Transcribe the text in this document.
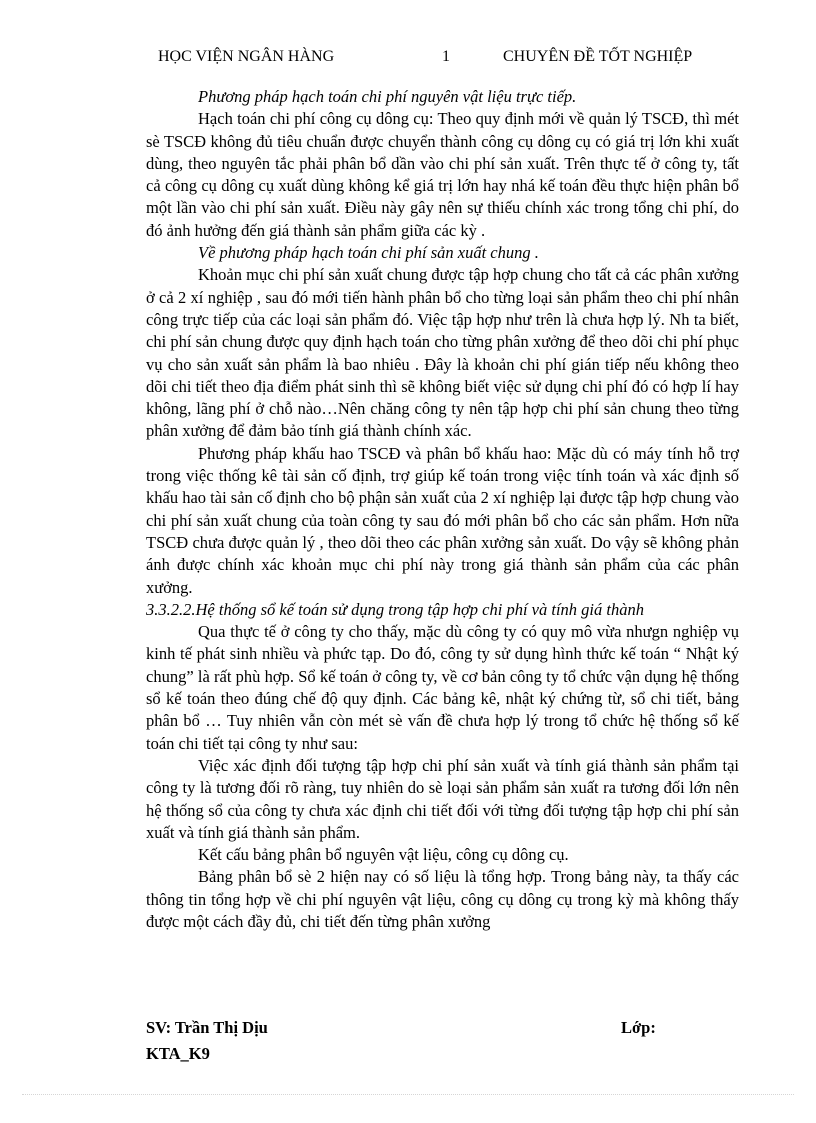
HỌC VIỆN NGÂN HÀNG	1	CHUYÊN ĐỀ TỐT NGHIỆP

Phương pháp hạch toán chi phí nguyên vật liệu trực tiếp.

Hạch toán chi phí công cụ dông cụ: Theo quy định mới về quản lý TSCĐ, thì mét sè TSCĐ không đủ tiêu chuẩn được chuyển thành công cụ dông cụ có giá trị lớn khi xuất dùng, theo nguyên tắc phải phân bổ dần vào chi phí sản xuất. Trên thực tế ở công ty, tất cả công cụ dông cụ xuất dùng không kể giá trị lớn hay nhá kế toán đều thực hiện phân bổ một lần vào chi phí sản xuất. Điều này gây nên sự thiếu chính xác trong tổng chi phí, do đó ảnh hưởng đến giá thành sản phẩm giữa các kỳ .

Về phương pháp hạch toán chi phí sản xuất chung .

Khoản mục chi phí sản xuất chung được tập hợp chung cho tất cả các phân xưởng ở cả 2 xí nghiệp , sau đó mới tiến hành phân bổ cho từng loại sản phẩm theo chi phí nhân công trực tiếp của các loại sản phẩm đó. Việc tập hợp như trên là chưa hợp lý. Nh ta biết, chi phí sản chung được quy định hạch toán cho từng phân xưởng để theo dõi chi phí phục vụ cho sản xuất sản phẩm là bao nhiêu . Đây là khoản chi phí gián tiếp nếu không theo dõi chi tiết theo địa điểm phát sinh thì sẽ không biết việc sử dụng chi phí đó có hợp lí hay không, lãng phí ở chỗ nào…Nên chăng công ty nên tập hợp chi phí sản chung theo từng phân xưởng để đảm bảo tính giá thành chính xác.

Phương pháp khấu hao TSCĐ và phân bổ khấu hao: Mặc dù có máy tính hỗ trợ trong việc thống kê tài sản cố định, trợ giúp kế toán trong việc tính toán và xác định số khấu hao tài sản cố định cho bộ phận sản xuất của 2 xí nghiệp lại được tập hợp chung vào chi phí sản xuất chung của toàn công ty sau đó mới phân bổ cho các sản phẩm. Hơn nữa TSCĐ chưa được quản lý , theo dõi theo các phân xưởng sản xuất. Do vậy sẽ không phản ánh được chính xác khoản mục chi phí này trong giá thành sản phẩm của các phân xưởng.

3.3.2.2.Hệ thống sổ kế toán sử dụng trong tập hợp chi phí và tính giá thành

Qua thực tế ở công ty cho thấy, mặc dù công ty có quy mô vừa nhưgn nghiệp vụ kinh tế phát sinh nhiều và phức tạp. Do đó, công ty sử dụng hình thức kế toán “ Nhật ký chung” là rất phù hợp. Sổ kế toán ở công ty, về cơ bản công ty tổ chức vận dụng hệ thống sổ kế toán theo đúng chế độ quy định. Các bảng kê, nhật ký chứng từ, sổ chi tiết, bảng phân bổ … Tuy nhiên vẫn còn mét sè vấn đề chưa hợp lý trong tổ chức hệ thống sổ kế toán chi tiết tại công ty như sau:

Việc xác định đối tượng tập hợp chi phí sản xuất và tính giá thành sản phẩm tại công ty là tương đối rõ ràng, tuy nhiên do sè loại sản phẩm sản xuất ra tương đối lớn nên hệ thống sổ của công ty chưa xác định chi tiết đối với từng đối tượng tập hợp chi phí sản xuất và tính giá thành sản phẩm.

Kết cấu bảng phân bổ nguyên vật liệu, công cụ dông cụ.

Bảng phân bổ sè 2 hiện nay có số liệu là tổng hợp. Trong bảng này, ta thấy các thông tin tổng hợp về chi phí nguyên vật liệu, công cụ dông cụ trong kỳ mà không thấy được một cách đầy đủ, chi tiết đến từng phân xưởng

SV: Trần Thị Dịu	Lớp:
KTA_K9
